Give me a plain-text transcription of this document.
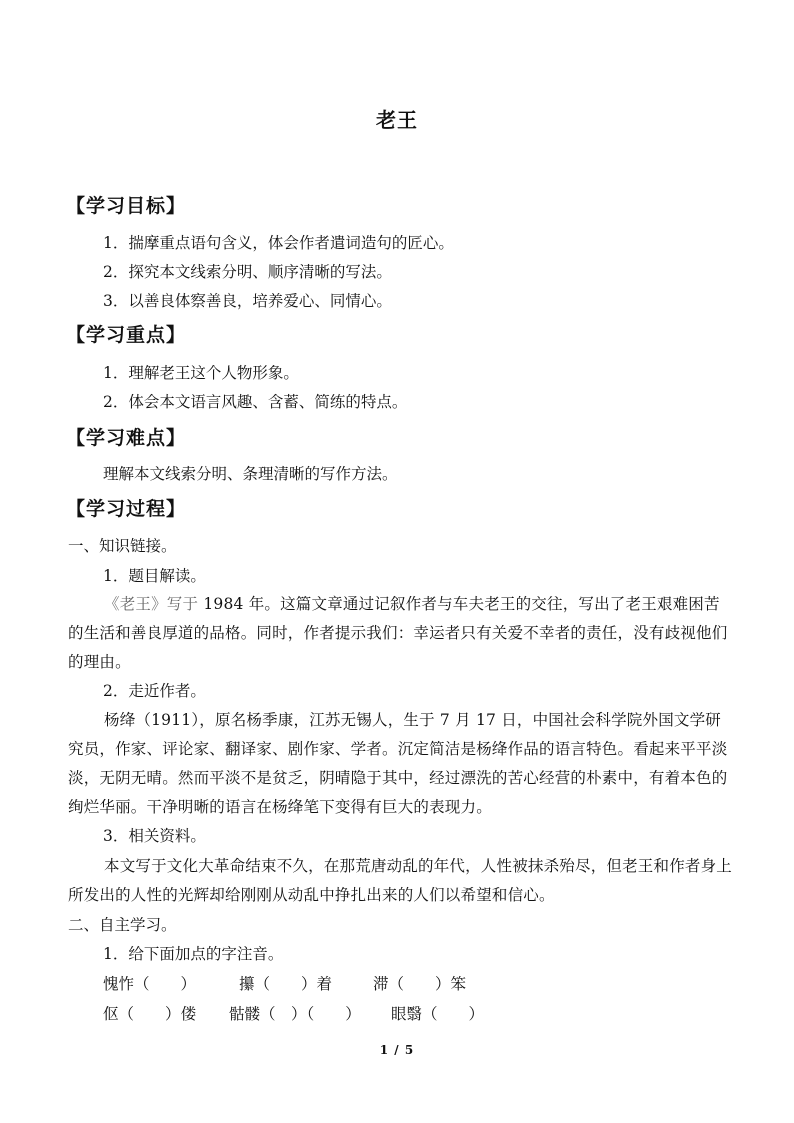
老王
【学习目标】
1．揣摩重点语句含义，体会作者遣词造句的匠心。
2．探究本文线索分明、顺序清晰的写法。
3．以善良体察善良，培养爱心、同情心。
【学习重点】
1．理解老王这个人物形象。
2．体会本文语言风趣、含蓄、简练的特点。
【学习难点】
理解本文线索分明、条理清晰的写作方法。
【学习过程】
一、知识链接。
1．题目解读。
《老王》写于 1984 年。这篇文章通过记叙作者与车夫老王的交往，写出了老王艰难困苦的生活和善良厚道的品格。同时，作者提示我们：幸运者只有关爱不幸者的责任，没有歧视他们的理由。
2．走近作者。
杨绛（1911），原名杨季康，江苏无锡人，生于 7 月 17 日，中国社会科学院外国文学研究员，作家、评论家、翻译家、剧作家、学者。沉定简洁是杨绛作品的语言特色。看起来平平淡淡，无阴无晴。然而平淡不是贫乏，阴晴隐于其中，经过漂洗的苦心经营的朴素中，有着本色的绚烂华丽。干净明晰的语言在杨绛笔下变得有巨大的表现力。
3．相关资料。
本文写于文化大革命结束不久，在那荒唐动乱的年代，人性被抹杀殆尽，但老王和作者身上所发出的人性的光辉却给刚刚从动乱中挣扎出来的人们以希望和信心。
二、自主学习。
1．给下面加点的字注音。
愧怍（　　）	攥（　　）着	滞（　　）笨
伛（　　）偻 骷髅（　）（　　） 眼翳（　　）
1 / 5
